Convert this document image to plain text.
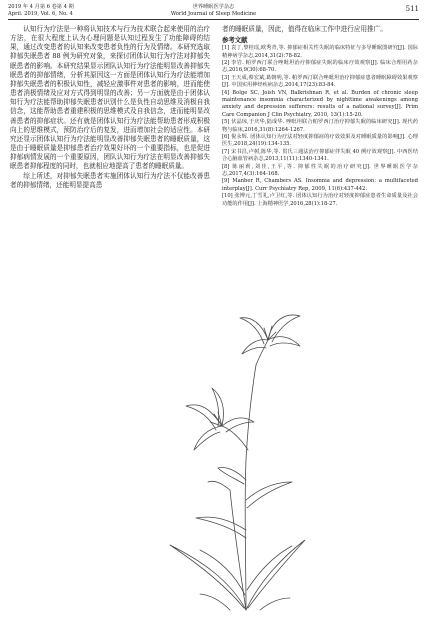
2019 年 4 月第 6 卷第 4 期
April. 2019, Vol. 6, No. 4
世界睡眠医学杂志
World Journal of Sleep Medicine
511

认知行为疗法是一种将认知技术与行为技术联合起来使用的治疗方法，在很大程度上认为心理问题是认知过程发生了功能障碍的结果，通过改变患者的认知来改变患者负性的行为及情绪。本研究选取抑郁失眠患者 88 例为研究对象，来探讨团体认知行为疗法对抑郁失眠患者的影响。本研究结果显示团队认知行为疗法能明显改善抑郁失眠患者的抑郁情绪，分析其原因这一方面是团体认知行为疗法能增加抑郁失眠患者的积极认知性，减轻应激事件对患者的影响，进而能使患者消极情绪及应对方式得到明显的改善；另一方面就是由于团体认知行为疗法能帮助抑郁失眠患者识别什么是负性自动思维及消极自我信念，这能帮助患者重建积极的思维模式及自我信念，进而能明显改善患者的抑郁症状。还有就是团体认知行为疗法能帮助患者形成积极向上的思维模式，预防治疗后的复发，进而增加社会的适应性。本研究还显示团体认知行为疗法能明显改善抑郁失眠患者的睡眠质量，这是由于睡眠质量是抑郁患者治疗效果好坏的一个重要指标，也是促进抑郁病情发展的一个重要原因，团队认知行为疗法在明显改善抑郁失眠患者抑郁程度的同时，也就相应地提高了患者的睡眠质量。

综上所述，对抑郁失眠患者实施团体认知行为疗法不仅能改善患者的抑郁情绪，还能明显提高患

者的睡眠质量，因此，值得在临床工作中进行应用推广。

参考文献
[1] 袁丁,黎桂瑶,欧秀青,等. 抑郁症相关性失眠的临床特征与多导睡眠图研究[J]. 国际精神病学杂志,2014,31(2):78-82.
[2] 李岩. 帕罗西汀联合唑吡坦治疗抑郁症失眠的临床疗效观察[J]. 临床合理用药杂志,2016,9(30):68-70.
[3] 王天成,蔡宏斌,葛朝明,等. 帕罗西汀联合唑吡坦治疗抑郁症患者睡眠障碍效果观察[J]. 中国实用神经疾病杂志,2014,17(23):83-84.
[4] Bolge SC, Joish VN, Balkrishnan R, et al. Burden of chronic sleep maintenance insomnia characterized by nighttime awakenings among anxiety and depression sufferers: results of a national survey[J]. Prim Care Companion J Clin Psychiatry, 2010, 13(1):15-20.
[5] 伏晶琼,于庆华,陆成华. 唑吡坦联合帕罗西汀治疗抑郁失眠的临床研究[J]. 现代药物与临床,2016,31(8):1264-1267.
[6] 倪永辉. 团体认知行为疗法对轻度抑郁症的疗效效果及对睡眠质量的影响[J]. 心理医生,2018,24(19):134-135.
[7] 宋书昌,卢树,陈华,等. 贯氏三通法治疗抑郁症伴失眠 40 例疗效观察[J]. 中西医结合心脑血管病杂志,2013,11(11):1340-1341.
[8] 陈丽莉,刘佳,王平,等. 抑郁性失眠的治疗研究[J]. 世界睡眠医学杂志,2017,4(3):164-168.
[9] Manber R, Chambers AS. Insomnia and depression: a multifaceted interplay[J]. Curr Psychiatry Rep, 2009, 11(6):437-442.
[10] 张博元,丁雪礼,卢卫红,等. 团体认知行为治疗对轻度抑郁症患者生命质量及社会功能的作用[J]. 上海精神医学,2016,28(1):18-27.
